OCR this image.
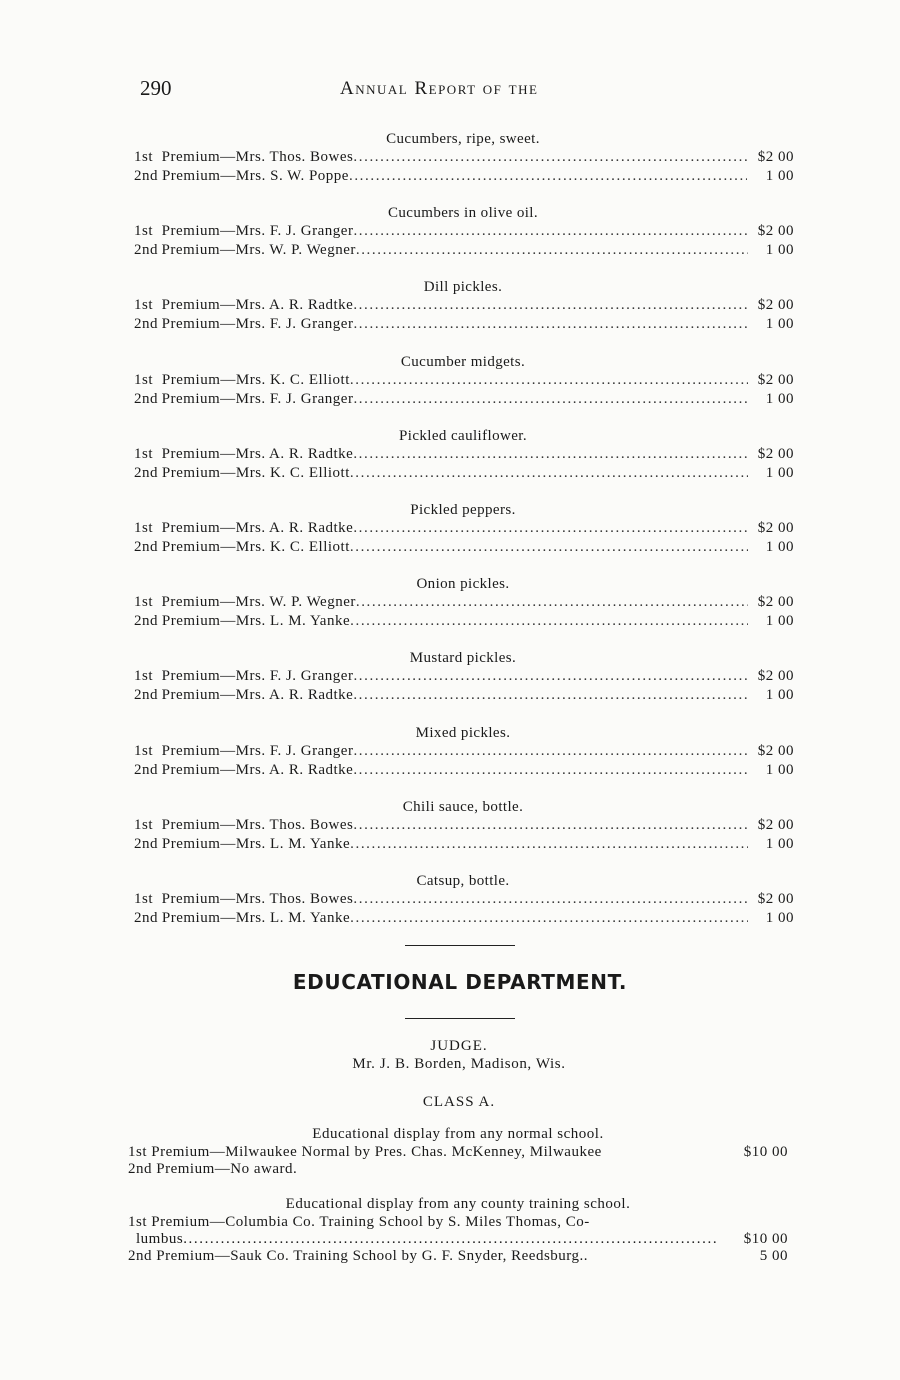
290	Annual Report of the
Cucumbers, ripe, sweet.
1st Premium—Mrs. Thos. Bowes .....	$2 00
2nd Premium—Mrs. S. W. Poppe .....	1 00
Cucumbers in olive oil.
1st Premium—Mrs. F. J. Granger .....	$2 00
2nd Premium—Mrs. W. P. Wegner .....	1 00
Dill pickles.
1st Premium—Mrs. A. R. Radtke .....	$2 00
2nd Premium—Mrs. F. J. Granger .....	1 00
Cucumber midgets.
1st Premium—Mrs. K. C. Elliott .....	$2 00
2nd Premium—Mrs. F. J. Granger .....	1 00
Pickled cauliflower.
1st Premium—Mrs. A. R. Radtke .....	$2 00
2nd Premium—Mrs. K. C. Elliott .....	1 00
Pickled peppers.
1st Premium—Mrs. A. R. Radtke .....	$2 00
2nd Premium—Mrs. K. C. Elliott .....	1 00
Onion pickles.
1st Premium—Mrs. W. P. Wegner .....	$2 00
2nd Premium—Mrs. L. M. Yanke .....	1 00
Mustard pickles.
1st Premium—Mrs. F. J. Granger .....	$2 00
2nd Premium—Mrs. A. R. Radtke .....	1 00
Mixed pickles.
1st Premium—Mrs. F. J. Granger .....	$2 00
2nd Premium—Mrs. A. R. Radtke .....	1 00
Chili sauce, bottle.
1st Premium—Mrs. Thos. Bowes .....	$2 00
2nd Premium—Mrs. L. M. Yanke .....	1 00
Catsup, bottle.
1st Premium—Mrs. Thos. Bowes .....	$2 00
2nd Premium—Mrs. L. M. Yanke .....	1 00
EDUCATIONAL DEPARTMENT.
JUDGE.
Mr. J. B. Borden, Madison, Wis.
CLASS A.
Educational display from any normal school.
1st Premium—Milwaukee Normal by Pres. Chas. McKenney, Milwaukee	$10 00
2nd Premium—No award.
Educational display from any county training school.
1st Premium—Columbia Co. Training School by S. Miles Thomas, Co-
lumbus .....	$10 00
2nd Premium—Sauk Co. Training School by G. F. Snyder, Reedsburg..	5 00
